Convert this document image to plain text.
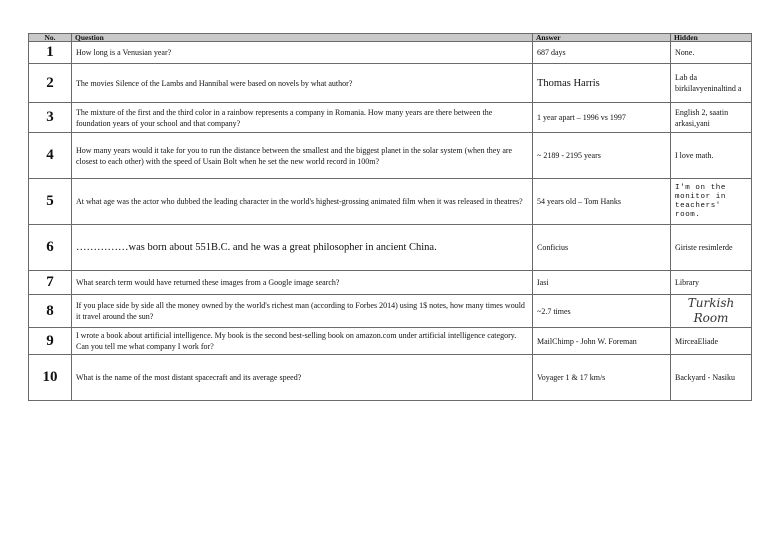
No.	Question	Answer	Hidden
1	How long is a Venusian year?	687 days	None.
2	The movies Silence of the Lambs and Hannibal were based on novels by what author?	Thomas Harris	Lab da birkilavyeninaltind a
3	The mixture of the first and the third color in a rainbow represents a company in Romania. How many years are there between the foundation years of your school and that company?	1 year apart – 1996 vs 1997	English 2, saatin arkasi,yani
4	How many years would it take for you to run the distance between the smallest and the biggest planet in the solar system (when they are closest to each other) with the speed of Usain Bolt when he set the new world record in 100m?	~ 2189 - 2195 years	I love math.
5	At what age was the actor who dubbed the leading character in the world's highest-grossing animated film when it was released in theatres?	54 years old – Tom Hanks	I'm on the monitor in teachers' room.
6	……………was born about 551B.C. and he was a great philosopher in ancient China.	Conficius	Giriste resimlerde
7	What search term would have returned these images from a Google image search?	Iasi	Library
8	If you place side by side all the money owned by the world's richest man (according to Forbes 2014) using 1$ notes, how many times would it travel around the sun?	~2.7 times	Turkish Room
9	I wrote a book about artificial intelligence. My book is the second best-selling book on amazon.com under artificial intelligence category. Can you tell me what company I work for?	MailChimp - John W. Foreman	MirceaEliade
10	What is the name of the most distant spacecraft and its average speed?	Voyager 1 & 17 km/s	Backyard - Nasiku
